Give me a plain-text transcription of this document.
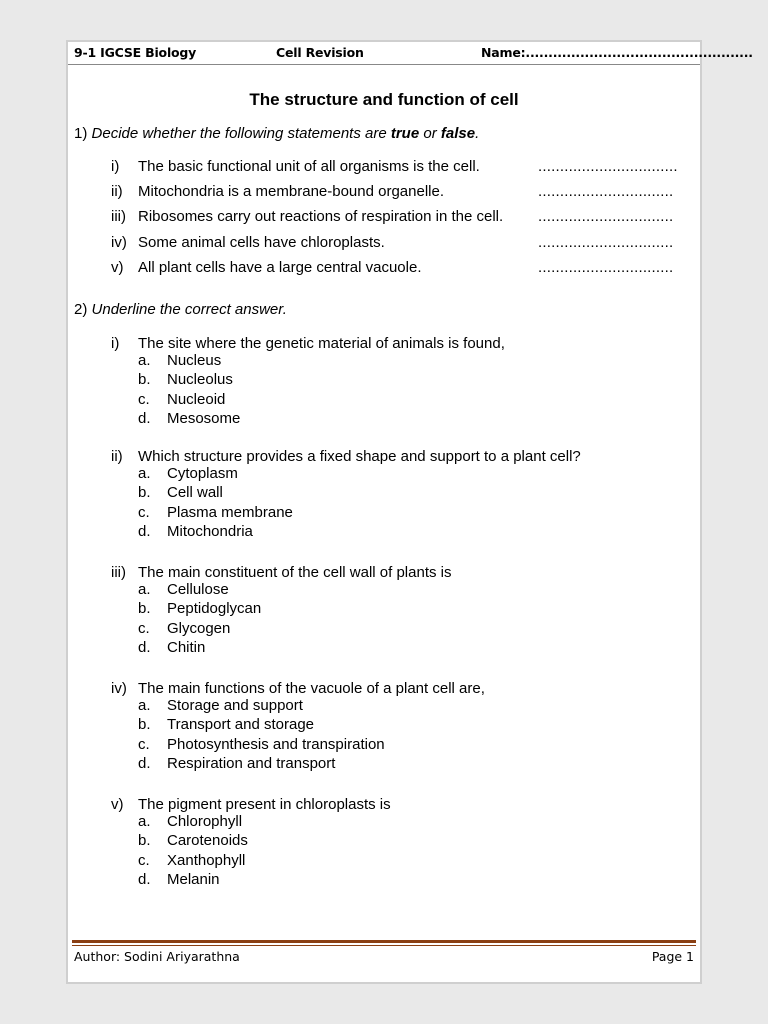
9-1 IGCSE Biology	Cell Revision	Name:..................................................
The structure and function of cell
1) Decide whether the following statements are true or false.
i) The basic functional unit of all organisms is the cell.	................................
ii) Mitochondria is a membrane-bound organelle.	...............................
iii) Ribosomes carry out reactions of respiration in the cell. ...............................
iv) Some animal cells have chloroplasts.	...............................
v) All plant cells have a large central vacuole.	...............................
2) Underline the correct answer.
i) The site where the genetic material of animals is found,
a. Nucleus
b. Nucleolus
c. Nucleoid
d. Mesosome
ii) Which structure provides a fixed shape and support to a plant cell?
a. Cytoplasm
b. Cell wall
c. Plasma membrane
d. Mitochondria
iii) The main constituent of the cell wall of plants is
a. Cellulose
b. Peptidoglycan
c. Glycogen
d. Chitin
iv) The main functions of the vacuole of a plant cell are,
a. Storage and support
b. Transport and storage
c. Photosynthesis and transpiration
d. Respiration and transport
v) The pigment present in chloroplasts is
a. Chlorophyll
b. Carotenoids
c. Xanthophyll
d. Melanin
Author: Sodini Ariyarathna	Page 1
